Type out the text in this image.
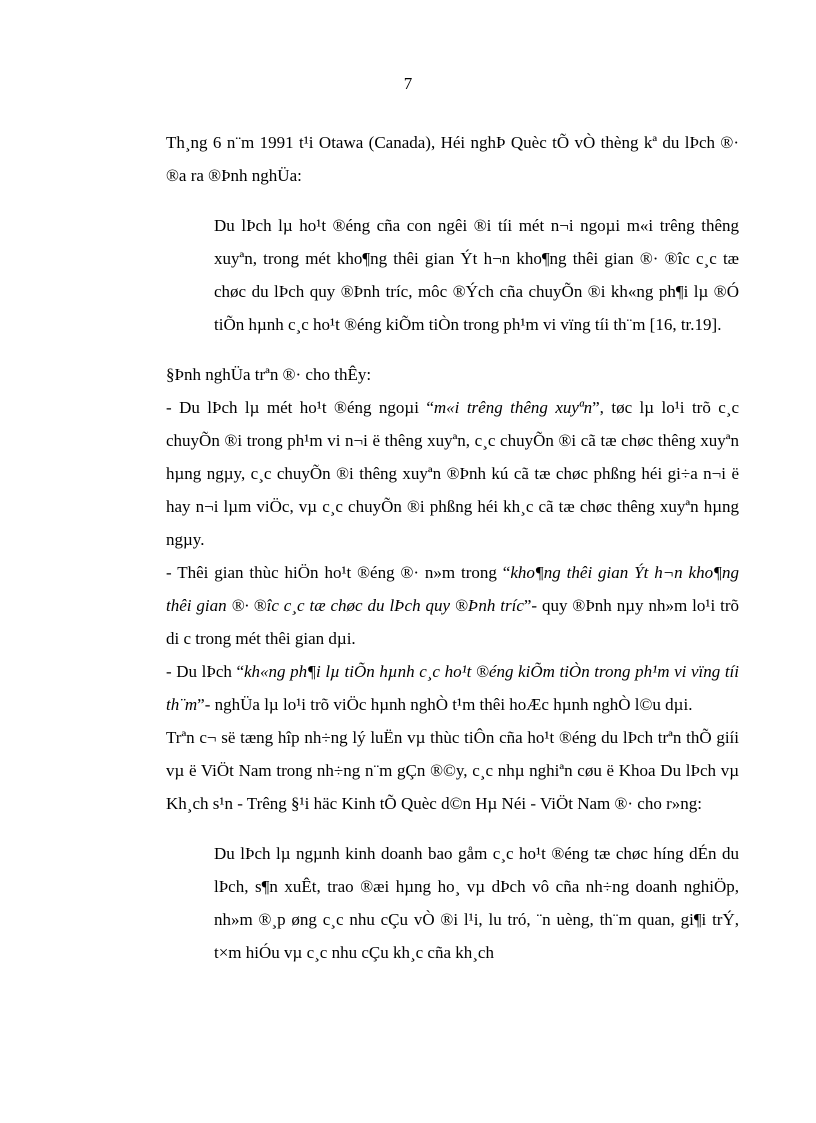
7

Th¸ng 6 n¨m 1991 t¹i Otawa (Canada), Héi nghÞ Quèc tÕ vÒ thèng kª du lÞch ®· ®a ra ®Þnh nghÜa:

Du lÞch lµ ho¹t ®éng cña con ngêi ®i tíi mét n¬i ngoµi m«i trêng thêng xuyªn, trong mét kho¶ng thêi gian Ýt h¬n kho¶ng thêi gian ®· ®îc c¸c tæ chøc du lÞch quy ®Þnh tríc, môc ®Ých cña chuyÕn ®i kh«ng ph¶i lµ ®Ó tiÕn hµnh c¸c ho¹t ®éng kiÕm tiÒn trong ph¹m vi vïng tíi th¨m [16, tr.19].

§Þnh nghÜa trªn ®· cho thÊy:

- Du lÞch lµ mét ho¹t ®éng ngoµi “m«i trêng thêng xuyªn”, tøc lµ lo¹i trõ c¸c chuyÕn ®i trong ph¹m vi n¬i ë thêng xuyªn, c¸c chuyÕn ®i cã tæ chøc thêng xuyªn hµng ngµy, c¸c chuyÕn ®i thêng xuyªn ®Þnh kú cã tæ chøc phßng héi gi÷a n¬i ë hay n¬i lµm viÖc, vµ c¸c chuyÕn ®i phßng héi kh¸c cã tæ chøc thêng xuyªn hµng ngµy.

- Thêi gian thùc hiÖn ho¹t ®éng ®· n»m trong “kho¶ng thêi gian Ýt h¬n kho¶ng thêi gian ®· ®îc c¸c tæ chøc du lÞch quy ®Þnh tríc”- quy ®Þnh nµy nh»m lo¹i trõ di c trong mét thêi gian dµi.

- Du lÞch “kh«ng ph¶i lµ tiÕn hµnh c¸c ho¹t ®éng kiÕm tiÒn trong ph¹m vi vïng tíi th¨m”- nghÜa lµ lo¹i trõ viÖc hµnh nghÒ t¹m thêi hoÆc hµnh nghÒ l©u dµi.

Trªn c¬ së tæng hîp nh÷ng lý luËn vµ thùc tiÔn cña ho¹t ®éng du lÞch trªn thÕ giíi vµ ë ViÖt Nam trong nh÷ng n¨m gÇn ®©y, c¸c nhµ nghiªn cøu ë Khoa Du lÞch vµ Kh¸ch s¹n - Trêng §¹i häc Kinh tÕ Quèc d©n Hµ Néi - ViÖt Nam ®· cho r»ng:

Du lÞch lµ ngµnh kinh doanh bao gåm c¸c ho¹t ®éng tæ chøc híng dÉn du lÞch, s¶n xuÊt, trao ®æi hµng ho¸ vµ dÞch vô cña nh÷ng doanh nghiÖp, nh»m ®¸p øng c¸c nhu cÇu vÒ ®i l¹i, lu tró, ¨n uèng, th¨m quan, gi¶i trÝ, t×m hiÓu vµ c¸c nhu cÇu kh¸c cña kh¸ch
